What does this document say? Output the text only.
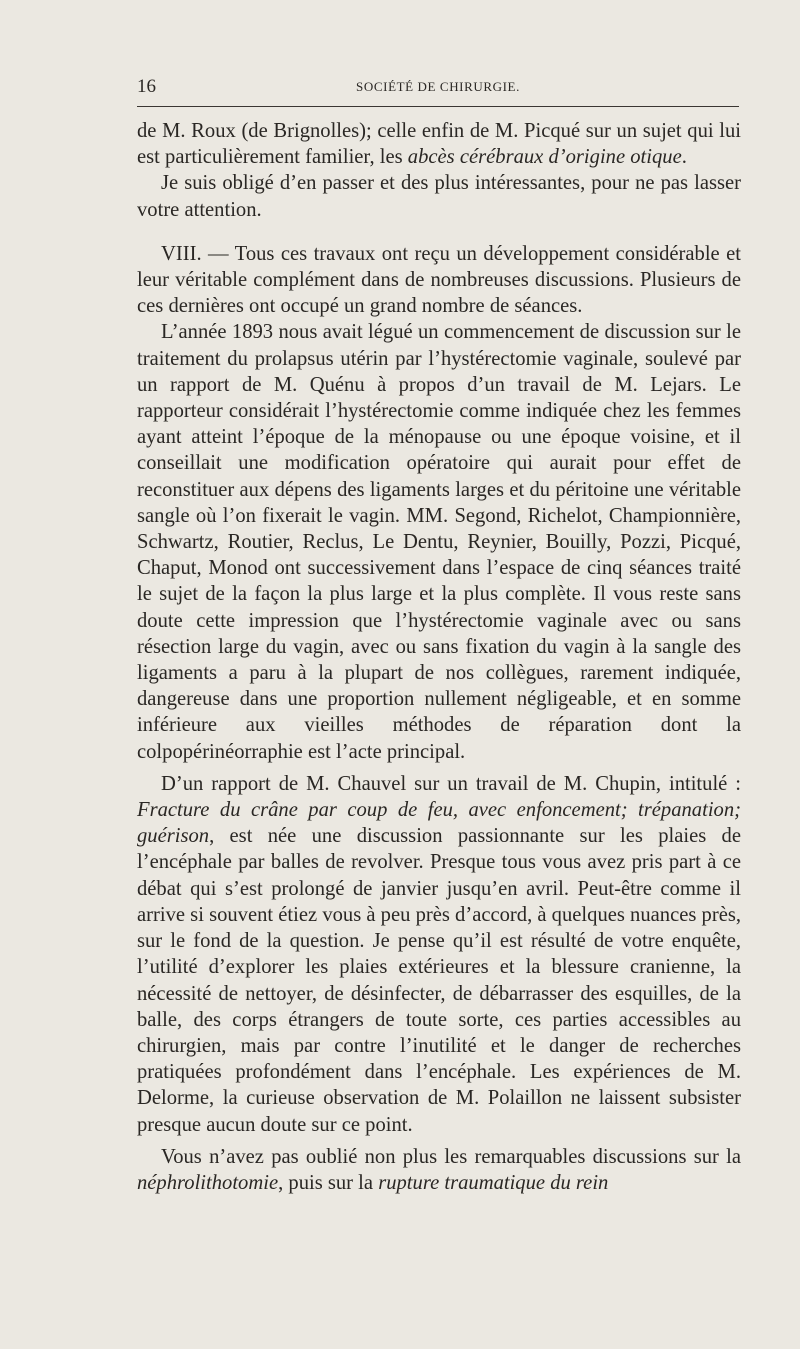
16	SOCIÉTÉ DE CHIRURGIE.

de M. Roux (de Brignolles); celle enfin de M. Picqué sur un sujet qui lui est particulièrement familier, les abcès cérébraux d’origine otique.

Je suis obligé d’en passer et des plus intéressantes, pour ne pas lasser votre attention.

VIII. — Tous ces travaux ont reçu un développement considérable et leur véritable complément dans de nombreuses discussions. Plusieurs de ces dernières ont occupé un grand nombre de séances.

L’année 1893 nous avait légué un commencement de discussion sur le traitement du prolapsus utérin par l’hystérectomie vaginale, soulevé par un rapport de M. Quénu à propos d’un travail de M. Lejars. Le rapporteur considérait l’hystérectomie comme indiquée chez les femmes ayant atteint l’époque de la ménopause ou une époque voisine, et il conseillait une modification opératoire qui aurait pour effet de reconstituer aux dépens des ligaments larges et du péritoine une véritable sangle où l’on fixerait le vagin. MM. Segond, Richelot, Championnière, Schwartz, Routier, Reclus, Le Dentu, Reynier, Bouilly, Pozzi, Picqué, Chaput, Monod ont successivement dans l’espace de cinq séances traité le sujet de la façon la plus large et la plus complète. Il vous reste sans doute cette impression que l’hystérectomie vaginale avec ou sans résection large du vagin, avec ou sans fixation du vagin à la sangle des ligaments a paru à la plupart de nos collègues, rarement indiquée, dangereuse dans une proportion nullement négligeable, et en somme inférieure aux vieilles méthodes de réparation dont la colpopérinéorraphie est l’acte principal.

D’un rapport de M. Chauvel sur un travail de M. Chupin, intitulé : Fracture du crâne par coup de feu, avec enfoncement; trépanation; guérison, est née une discussion passionnante sur les plaies de l’encéphale par balles de revolver. Presque tous vous avez pris part à ce débat qui s’est prolongé de janvier jusqu’en avril. Peut-être comme il arrive si souvent étiez vous à peu près d’accord, à quelques nuances près, sur le fond de la question. Je pense qu’il est résulté de votre enquête, l’utilité d’explorer les plaies extérieures et la blessure cranienne, la nécessité de nettoyer, de désinfecter, de débarrasser des esquilles, de la balle, des corps étrangers de toute sorte, ces parties accessibles au chirurgien, mais par contre l’inutilité et le danger de recherches pratiquées profondément dans l’encéphale. Les expériences de M. Delorme, la curieuse observation de M. Polaillon ne laissent subsister presque aucun doute sur ce point.

Vous n’avez pas oublié non plus les remarquables discussions sur la néphrolithotomie, puis sur la rupture traumatique du rein
